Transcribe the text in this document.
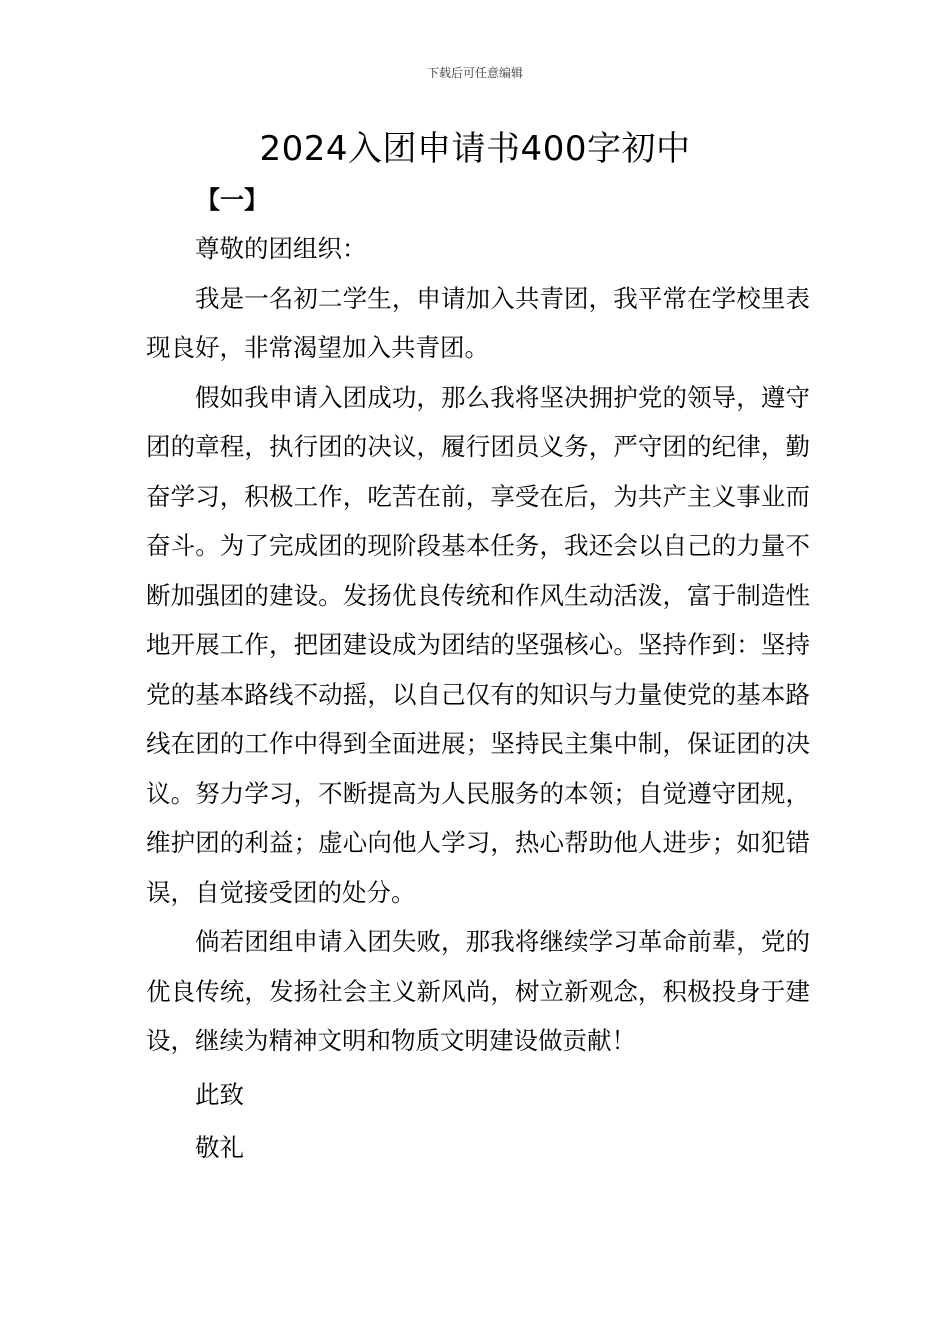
下载后可任意编辑
2024入团申请书400字初中
【一】

尊敬的团组织：

我是一名初二学生，申请加入共青团，我平常在学校里表现良好，非常渴望加入共青团。

假如我申请入团成功，那么我将坚决拥护党的领导，遵守团的章程，执行团的决议，履行团员义务，严守团的纪律，勤奋学习，积极工作，吃苦在前，享受在后，为共产主义事业而奋斗。为了完成团的现阶段基本任务，我还会以自己的力量不断加强团的建设。发扬优良传统和作风生动活泼，富于制造性地开展工作，把团建设成为团结的坚强核心。坚持作到：坚持党的基本路线不动摇，以自己仅有的知识与力量使党的基本路线在团的工作中得到全面进展；坚持民主集中制，保证团的决议。努力学习，不断提高为人民服务的本领；自觉遵守团规，维护团的利益；虚心向他人学习，热心帮助他人进步；如犯错误，自觉接受团的处分。

倘若团组申请入团失败，那我将继续学习革命前辈，党的优良传统，发扬社会主义新风尚，树立新观念，积极投身于建设，继续为精神文明和物质文明建设做贡献！

此致

敬礼
